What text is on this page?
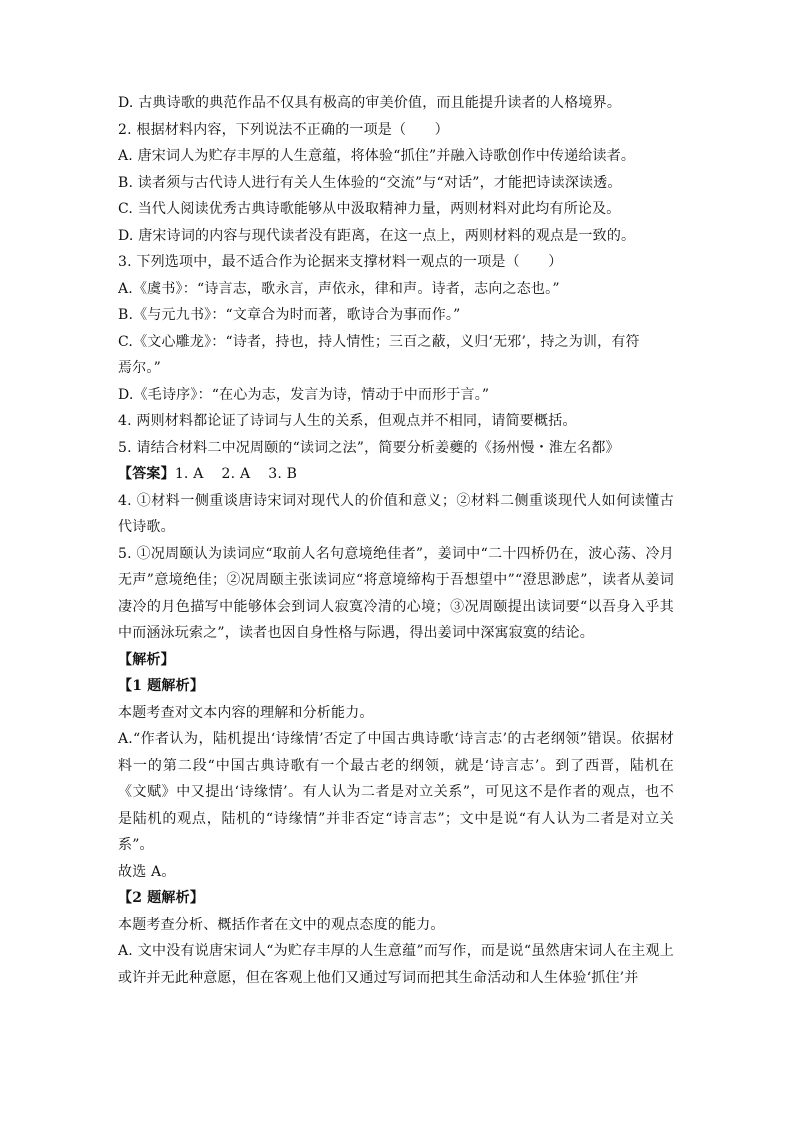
D. 古典诗歌的典范作品不仅具有极高的审美价值，而且能提升读者的人格境界。
2. 根据材料内容，下列说法不正确的一项是（　　）
A. 唐宋词人为贮存丰厚的人生意蕴，将体验“抓住”并融入诗歌创作中传递给读者。
B. 读者须与古代诗人进行有关人生体验的“交流”与“对话”，才能把诗读深读透。
C. 当代人阅读优秀古典诗歌能够从中汲取精神力量，两则材料对此均有所论及。
D. 唐宋诗词的内容与现代读者没有距离，在这一点上，两则材料的观点是一致的。
3. 下列选项中，最不适合作为论据来支撑材料一观点的一项是（　　）
A.《虞书》：“诗言志，歌永言，声依永，律和声。诗者，志向之态也。”
B.《与元九书》：“文章合为时而著，歌诗合为事而作。”
C.《文心雕龙》：“诗者，持也，持人情性；三百之蔽，义归‘无邪’，持之为训，有符
焉尔。”
D.《毛诗序》：“在心为志，发言为诗，情动于中而形于言。”
4. 两则材料都论证了诗词与人生的关系，但观点并不相同，请简要概括。
5. 请结合材料二中况周颐的“读词之法”，简要分析姜夔的《扬州慢・淮左名都》
【答案】1. A 2. A 3. B
4. ①材料一侧重谈唐诗宋词对现代人的价值和意义；②材料二侧重谈现代人如何读懂古代诗歌。
5. ①况周颐认为读词应“取前人名句意境绝佳者”，姜词中“二十四桥仍在，波心荡、冷月无声”意境绝佳；②况周颐主张读词应“将意境缔构于吾想望中”“澄思渺虑”，读者从姜词凄冷的月色描写中能够体会到词人寂寞冷清的心境；③况周颐提出读词要“以吾身入乎其中而涵泳玩索之”，读者也因自身性格与际遇，得出姜词中深寓寂寞的结论。
【解析】
【1 题解析】
本题考查对文本内容的理解和分析能力。
A.“作者认为，陆机提出‘诗缘情’否定了中国古典诗歌‘诗言志’的古老纲领”错误。依据材料一的第二段“中国古典诗歌有一个最古老的纲领，就是‘诗言志’。到了西晋，陆机在《文赋》中又提出‘诗缘情’。有人认为二者是对立关系”，可见这不是作者的观点，也不是陆机的观点，陆机的“诗缘情”并非否定“诗言志”；文中是说“有人认为二者是对立关系”。
故选 A。
【2 题解析】
本题考查分析、概括作者在文中的观点态度的能力。
A. 文中没有说唐宋词人“为贮存丰厚的人生意蕴”而写作，而是说“虽然唐宋词人在主观上或许并无此种意愿，但在客观上他们又通过写词而把其生命活动和人生体验‘抓住’并
